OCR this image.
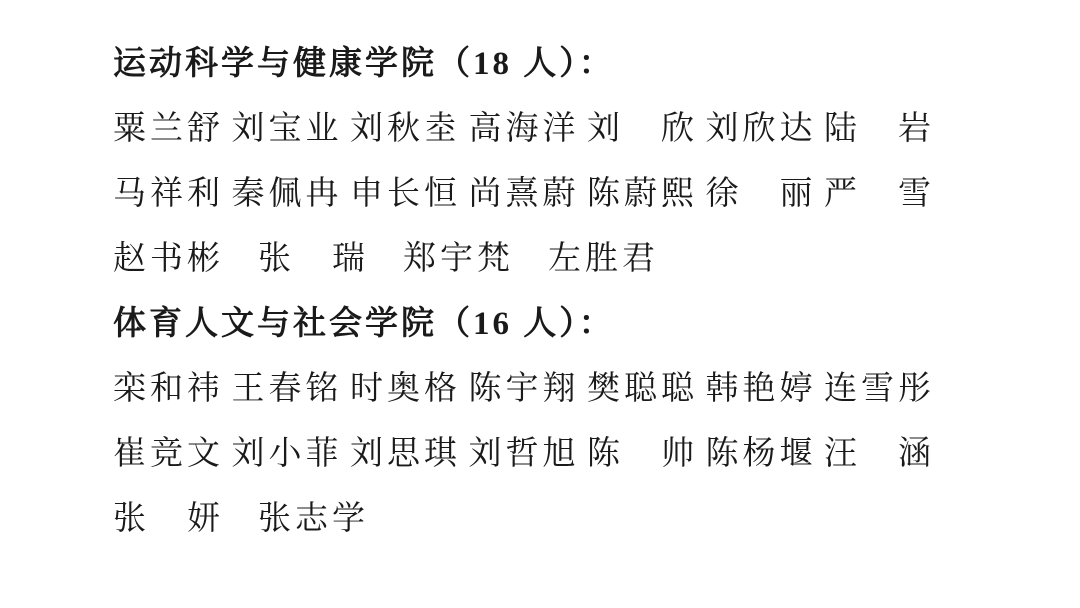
运动科学与健康学院（18 人）：
粟兰舒 刘宝业 刘秋坴 高海洋 刘　欣 刘欣达 陆　岩
马祥利 秦佩冉 申长恒 尚熹蔚 陈蔚熙 徐　丽 严　雪
赵书彬 张　瑞 郑宇梵 左胜君
体育人文与社会学院（16 人）：
栾和祎 王春铭 时奥格 陈宇翔 樊聪聪 韩艳婷 连雪彤
崔竞文 刘小菲 刘思琪 刘哲旭 陈　帅 陈杨堰 汪　涵
张　妍 张志学
